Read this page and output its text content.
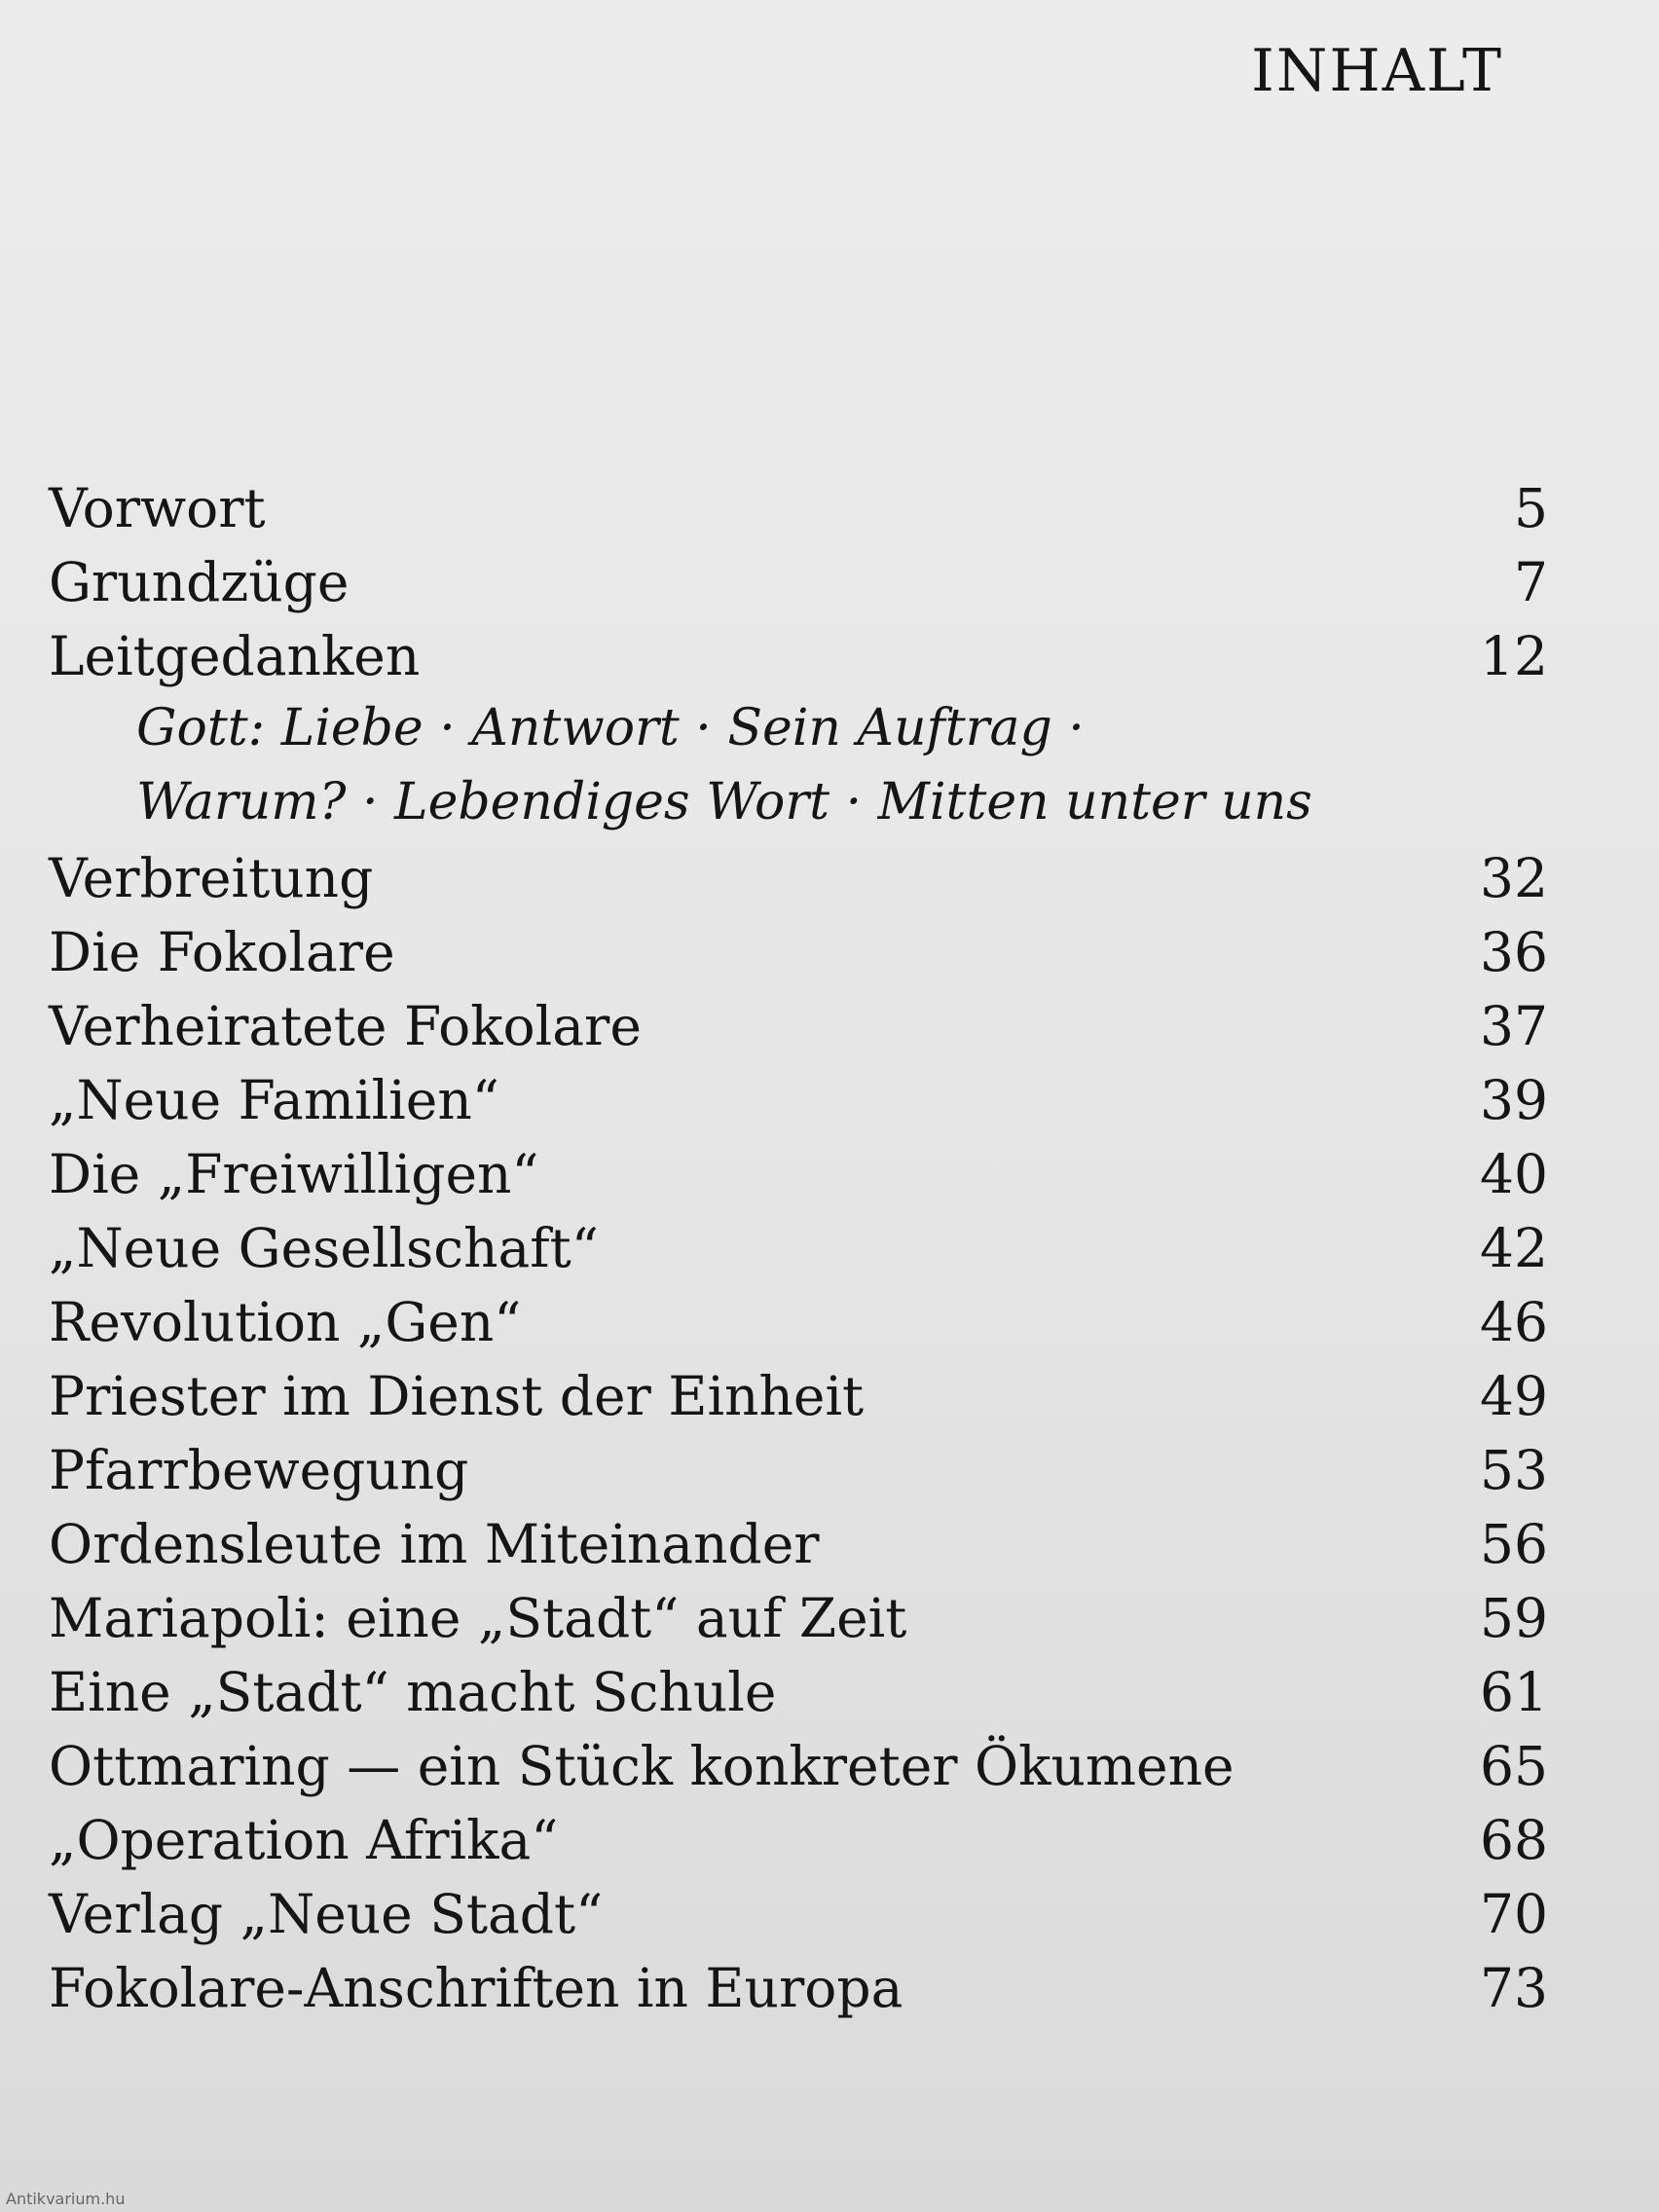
INHALT
Vorwort	5
Grundzüge	7
Leitgedanken	12
Gott: Liebe · Antwort · Sein Auftrag ·
Warum? · Lebendiges Wort · Mitten unter uns
Verbreitung	32
Die Fokolare	36
Verheiratete Fokolare	37
„Neue Familien“	39
Die „Freiwilligen“	40
„Neue Gesellschaft“	42
Revolution „Gen“	46
Priester im Dienst der Einheit	49
Pfarrbewegung	53
Ordensleute im Miteinander	56
Mariapoli: eine „Stadt“ auf Zeit	59
Eine „Stadt“ macht Schule	61
Ottmaring — ein Stück konkreter Ökumene	65
„Operation Afrika“	68
Verlag „Neue Stadt“	70
Fokolare-Anschriften in Europa	73
Antikvarium.hu
